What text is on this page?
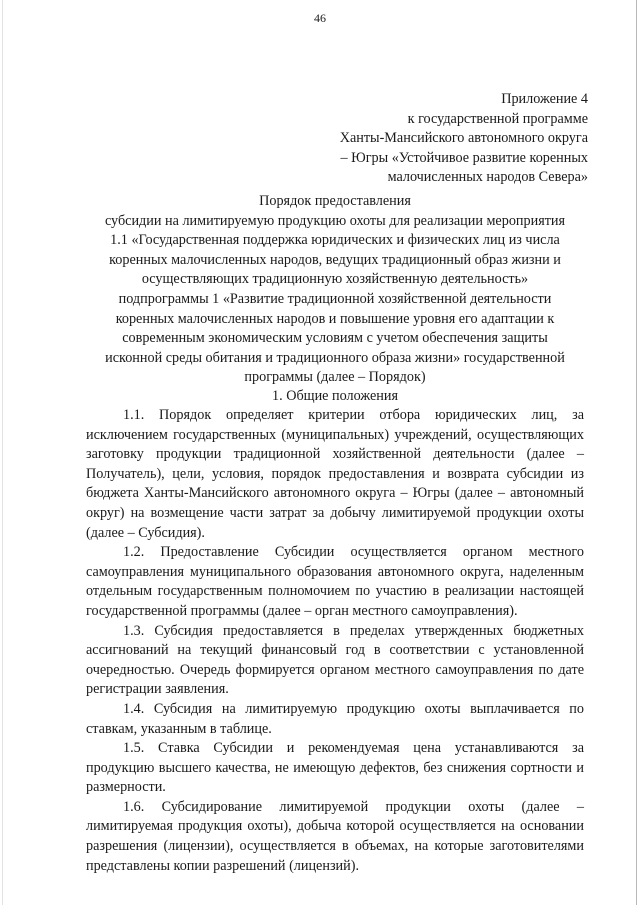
46
Приложение 4
к государственной программе
Ханты-Мансийского автономного округа
– Югры «Устойчивое развитие коренных
малочисленных народов Севера»
Порядок предоставления
субсидии на лимитируемую продукцию охоты для реализации мероприятия
1.1 «Государственная поддержка юридических и физических лиц из числа
коренных малочисленных народов, ведущих традиционный образ жизни и
осуществляющих традиционную хозяйственную деятельность»
подпрограммы 1 «Развитие традиционной хозяйственной деятельности
коренных малочисленных народов и повышение уровня его адаптации к
современным экономическим условиям с учетом обеспечения защиты
исконной среды обитания и традиционного образа жизни» государственной
программы (далее – Порядок)
1. Общие положения

1.1. Порядок определяет критерии отбора юридических лиц, за исключением государственных (муниципальных) учреждений, осуществляющих заготовку продукции традиционной хозяйственной деятельности (далее – Получатель), цели, условия, порядок предоставления и возврата субсидии из бюджета Ханты-Мансийского автономного округа – Югры (далее – автономный округ) на возмещение части затрат за добычу лимитируемой продукции охоты (далее – Субсидия).

1.2. Предоставление Субсидии осуществляется органом местного самоуправления муниципального образования автономного округа, наделенным отдельным государственным полномочием по участию в реализации настоящей государственной программы (далее – орган местного самоуправления).

1.3. Субсидия предоставляется в пределах утвержденных бюджетных ассигнований на текущий финансовый год в соответствии с установленной очередностью. Очередь формируется органом местного самоуправления по дате регистрации заявления.

1.4. Субсидия на лимитируемую продукцию охоты выплачивается по ставкам, указанным в таблице.

1.5. Ставка Субсидии и рекомендуемая цена устанавливаются за продукцию высшего качества, не имеющую дефектов, без снижения сортности и размерности.

1.6. Субсидирование лимитируемой продукции охоты (далее – лимитируемая продукция охоты), добыча которой осуществляется на основании разрешения (лицензии), осуществляется в объемах, на которые заготовителями представлены копии разрешений (лицензий).
